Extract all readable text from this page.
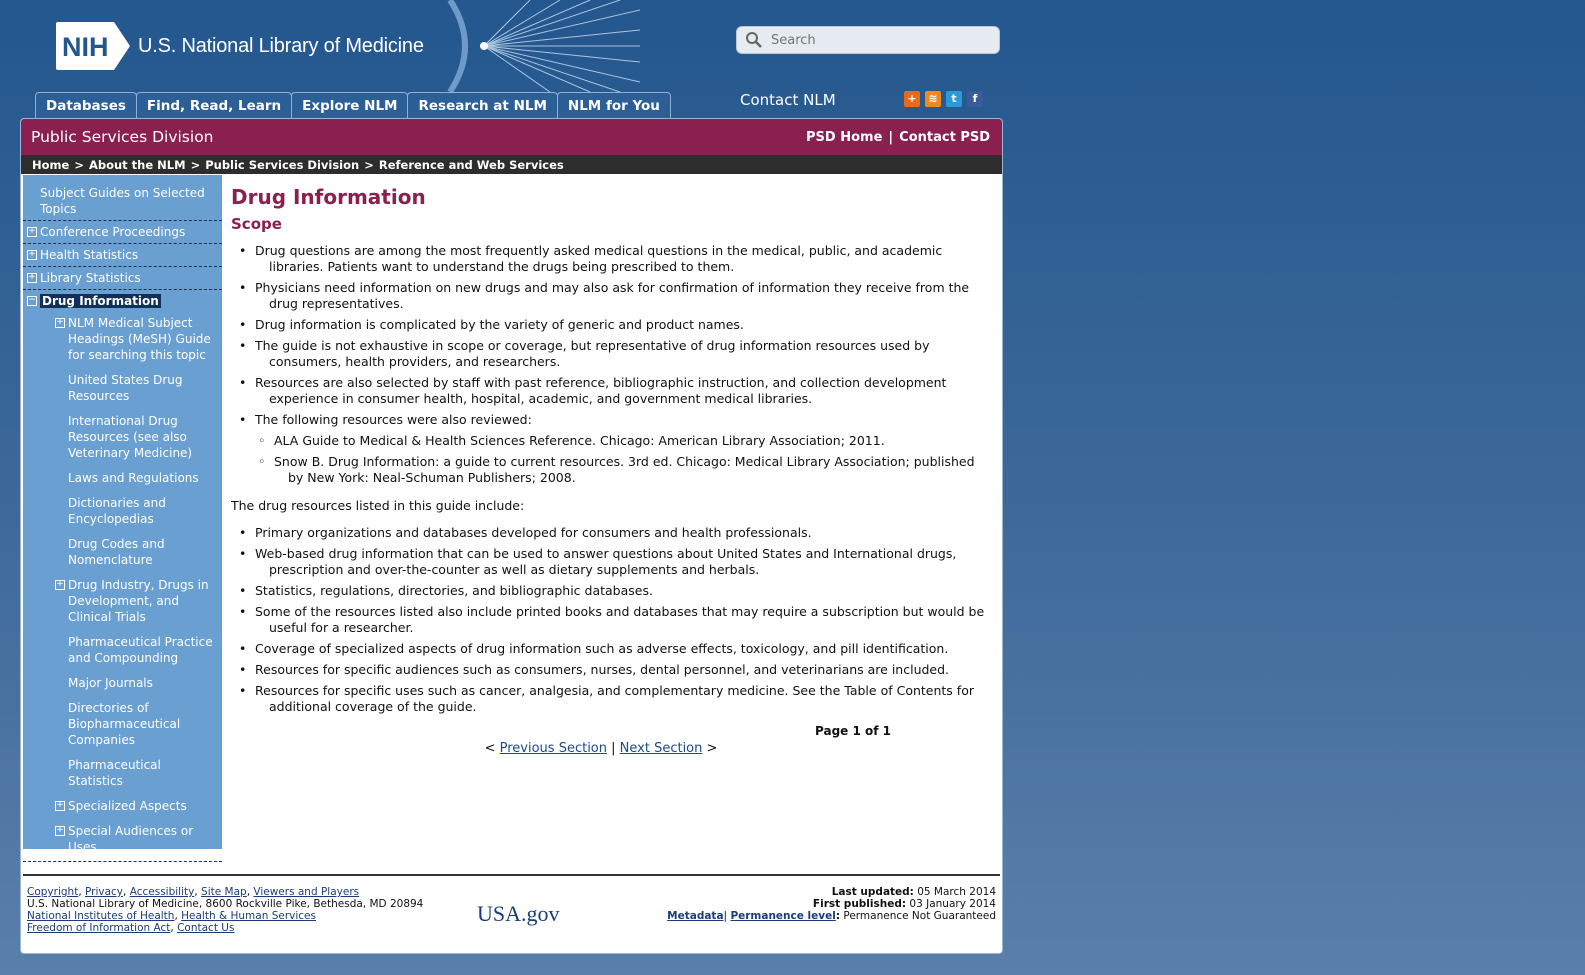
NIH U.S. National Library of Medicine
Search
Contact NLM	+	≋	t	f
Databases	Find, Read, Learn	Explore NLM	Research at NLM	NLM for You
Public Services Division	PSD Home | Contact PSD
Home > About the NLM > Public Services Division > Reference and Web Services
Subject Guides on Selected Topics
+ Conference Proceedings
+ Health Statistics
+ Library Statistics
− Drug Information
+ NLM Medical Subject Headings (MeSH) Guide for searching this topic
United States Drug Resources
International Drug Resources (see also Veterinary Medicine)
Laws and Regulations
Dictionaries and Encyclopedias
Drug Codes and Nomenclature
+ Drug Industry, Drugs in Development, and Clinical Trials
Pharmaceutical Practice and Compounding
Major Journals
Directories of Biopharmaceutical Companies
Pharmaceutical Statistics
+ Specialized Aspects
+ Special Audiences or Uses
Drug Information
Scope
• Drug questions are among the most frequently asked medical questions in the medical, public, and academic libraries. Patients want to understand the drugs being prescribed to them.
• Physicians need information on new drugs and may also ask for confirmation of information they receive from the drug representatives.
• Drug information is complicated by the variety of generic and product names.
• The guide is not exhaustive in scope or coverage, but representative of drug information resources used by consumers, health providers, and researchers.
• Resources are also selected by staff with past reference, bibliographic instruction, and collection development experience in consumer health, hospital, academic, and government medical libraries.
• The following resources were also reviewed:
◦ ALA Guide to Medical & Health Sciences Reference. Chicago: American Library Association; 2011.
◦ Snow B. Drug Information: a guide to current resources. 3rd ed. Chicago: Medical Library Association; published by New York: Neal-Schuman Publishers; 2008.

The drug resources listed in this guide include:

• Primary organizations and databases developed for consumers and health professionals.
• Web-based drug information that can be used to answer questions about United States and International drugs, prescription and over-the-counter as well as dietary supplements and herbals.
• Statistics, regulations, directories, and bibliographic databases.
• Some of the resources listed also include printed books and databases that may require a subscription but would be useful for a researcher.
• Coverage of specialized aspects of drug information such as adverse effects, toxicology, and pill identification.
• Resources for specific audiences such as consumers, nurses, dental personnel, and veterinarians are included.
• Resources for specific uses such as cancer, analgesia, and complementary medicine. See the Table of Contents for additional coverage of the guide.
Page 1 of 1
< Previous Section | Next Section >
Copyright, Privacy, Accessibility, Site Map, Viewers and Players
U.S. National Library of Medicine, 8600 Rockville Pike, Bethesda, MD 20894
National Institutes of Health, Health & Human Services
Freedom of Information Act, Contact Us
USA.gov
Last updated: 05 March 2014
First published: 03 January 2014
Metadata| Permanence level: Permanence Not Guaranteed
